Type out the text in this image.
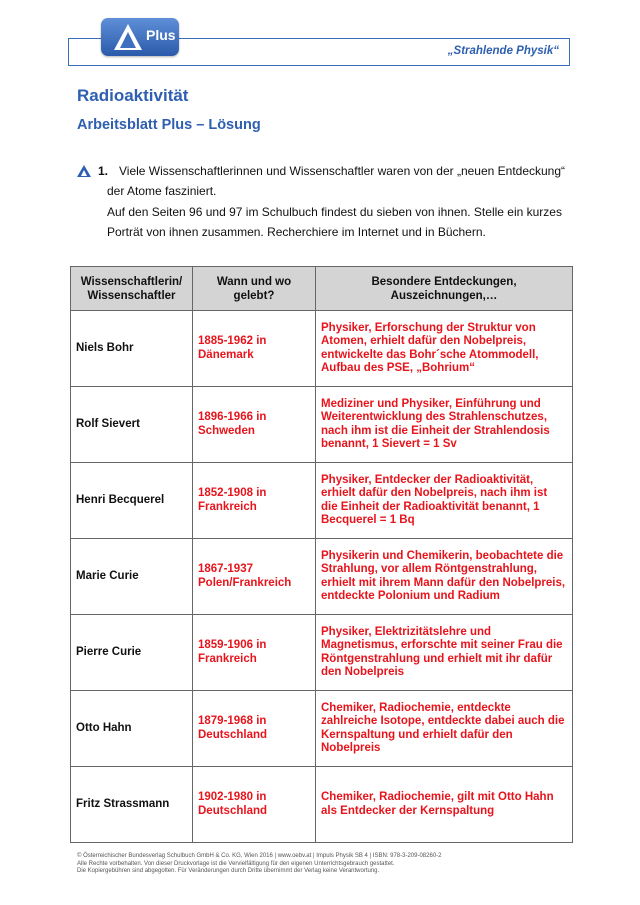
„Strahlende Physik“
Plus
Radioaktivität
Arbeitsblatt Plus – Lösung
1. Viele Wissenschaftlerinnen und Wissenschaftler waren von der „neuen Entdeckung“
der Atome fasziniert.
Auf den Seiten 96 und 97 im Schulbuch findest du sieben von ihnen. Stelle ein kurzes
Porträt von ihnen zusammen. Recherchiere im Internet und in Büchern.
Wissenschaftlerin/ Wissenschaftler	Wann und wo gelebt?	Besondere Entdeckungen, Auszeichnungen,…
Niels Bohr	1885-1962 in Dänemark	Physiker, Erforschung der Struktur von Atomen, erhielt dafür den Nobelpreis, entwickelte das Bohr´sche Atommodell, Aufbau des PSE, „Bohrium“
Rolf Sievert	1896-1966 in Schweden	Mediziner und Physiker, Einführung und Weiterentwicklung des Strahlenschutzes, nach ihm ist die Einheit der Strahlendosis benannt, 1 Sievert = 1 Sv
Henri Becquerel	1852-1908 in Frankreich	Physiker, Entdecker der Radioaktivität, erhielt dafür den Nobelpreis, nach ihm ist die Einheit der Radioaktivität benannt, 1 Becquerel = 1 Bq
Marie Curie	1867-1937 Polen/Frankreich	Physikerin und Chemikerin, beobachtete die Strahlung, vor allem Röntgenstrahlung, erhielt mit ihrem Mann dafür den Nobelpreis, entdeckte Polonium und Radium
Pierre Curie	1859-1906 in Frankreich	Physiker, Elektrizitätslehre und Magnetismus, erforschte mit seiner Frau die Röntgenstrahlung und erhielt mit ihr dafür den Nobelpreis
Otto Hahn	1879-1968 in Deutschland	Chemiker, Radiochemie, entdeckte zahlreiche Isotope, entdeckte dabei auch die Kernspaltung und erhielt dafür den Nobelpreis
Fritz Strassmann	1902-1980 in Deutschland	Chemiker, Radiochemie, gilt mit Otto Hahn als Entdecker der Kernspaltung
© Österreichischer Bundesverlag Schulbuch GmbH & Co. KG, Wien 2016 | www.oebv.at | Impuls Physik SB 4 | ISBN: 978-3-209-08260-2
Alle Rechte vorbehalten. Von dieser Druckvorlage ist die Vervielfältigung für den eigenen Unterrichtsgebrauch gestattet.
Die Kopiergebühren sind abgegolten. Für Veränderungen durch Dritte übernimmt der Verlag keine Verantwortung.
